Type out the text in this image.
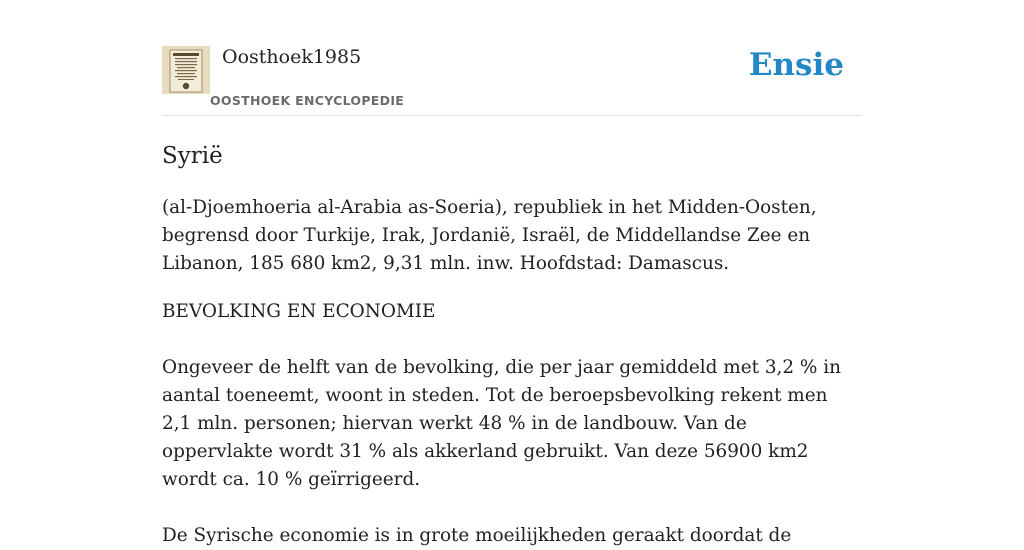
Oosthoek1985
OOSTHOEK ENCYCLOPEDIE
Ensie
Syrië

(al-Djoemhoeria al-Arabia as-Soeria), republiek in het Midden-Oosten, begrensd door Turkije, Irak, Jordanië, Israël, de Middellandse Zee en Libanon, 185 680 km2, 9,31 mln. inw. Hoofdstad: Damascus.

BEVOLKING EN ECONOMIE

Ongeveer de helft van de bevolking, die per jaar gemiddeld met 3,2 % in aantal toeneemt, woont in steden. Tot de beroepsbevolking rekent men 2,1 mln. personen; hiervan werkt 48 % in de landbouw. Van de oppervlakte wordt 31 % als akkerland gebruikt. Van deze 56900 km2 wordt ca. 10 % geïrrigeerd.

De Syrische economie is in grote moeilijkheden geraakt doordat de
